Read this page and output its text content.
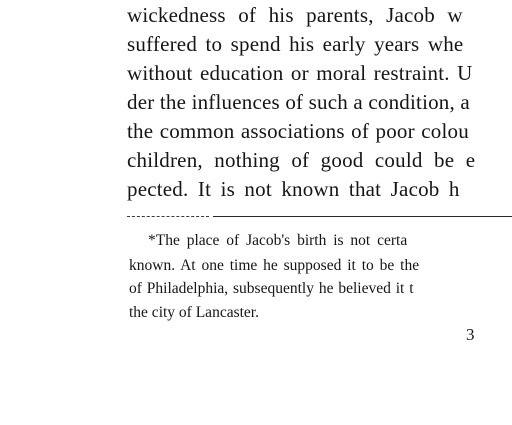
wickedness of his parents, Jacob w
suffered to spend his early years whe
without education or moral restraint. U
der the influences of such a condition, a
the common associations of poor colou
children, nothing of good could be e
pected. It is not known that Jacob h
*The place of Jacob's birth is not certa
known. At one time he supposed it to be the
of Philadelphia, subsequently he believed it t
the city of Lancaster.
3
